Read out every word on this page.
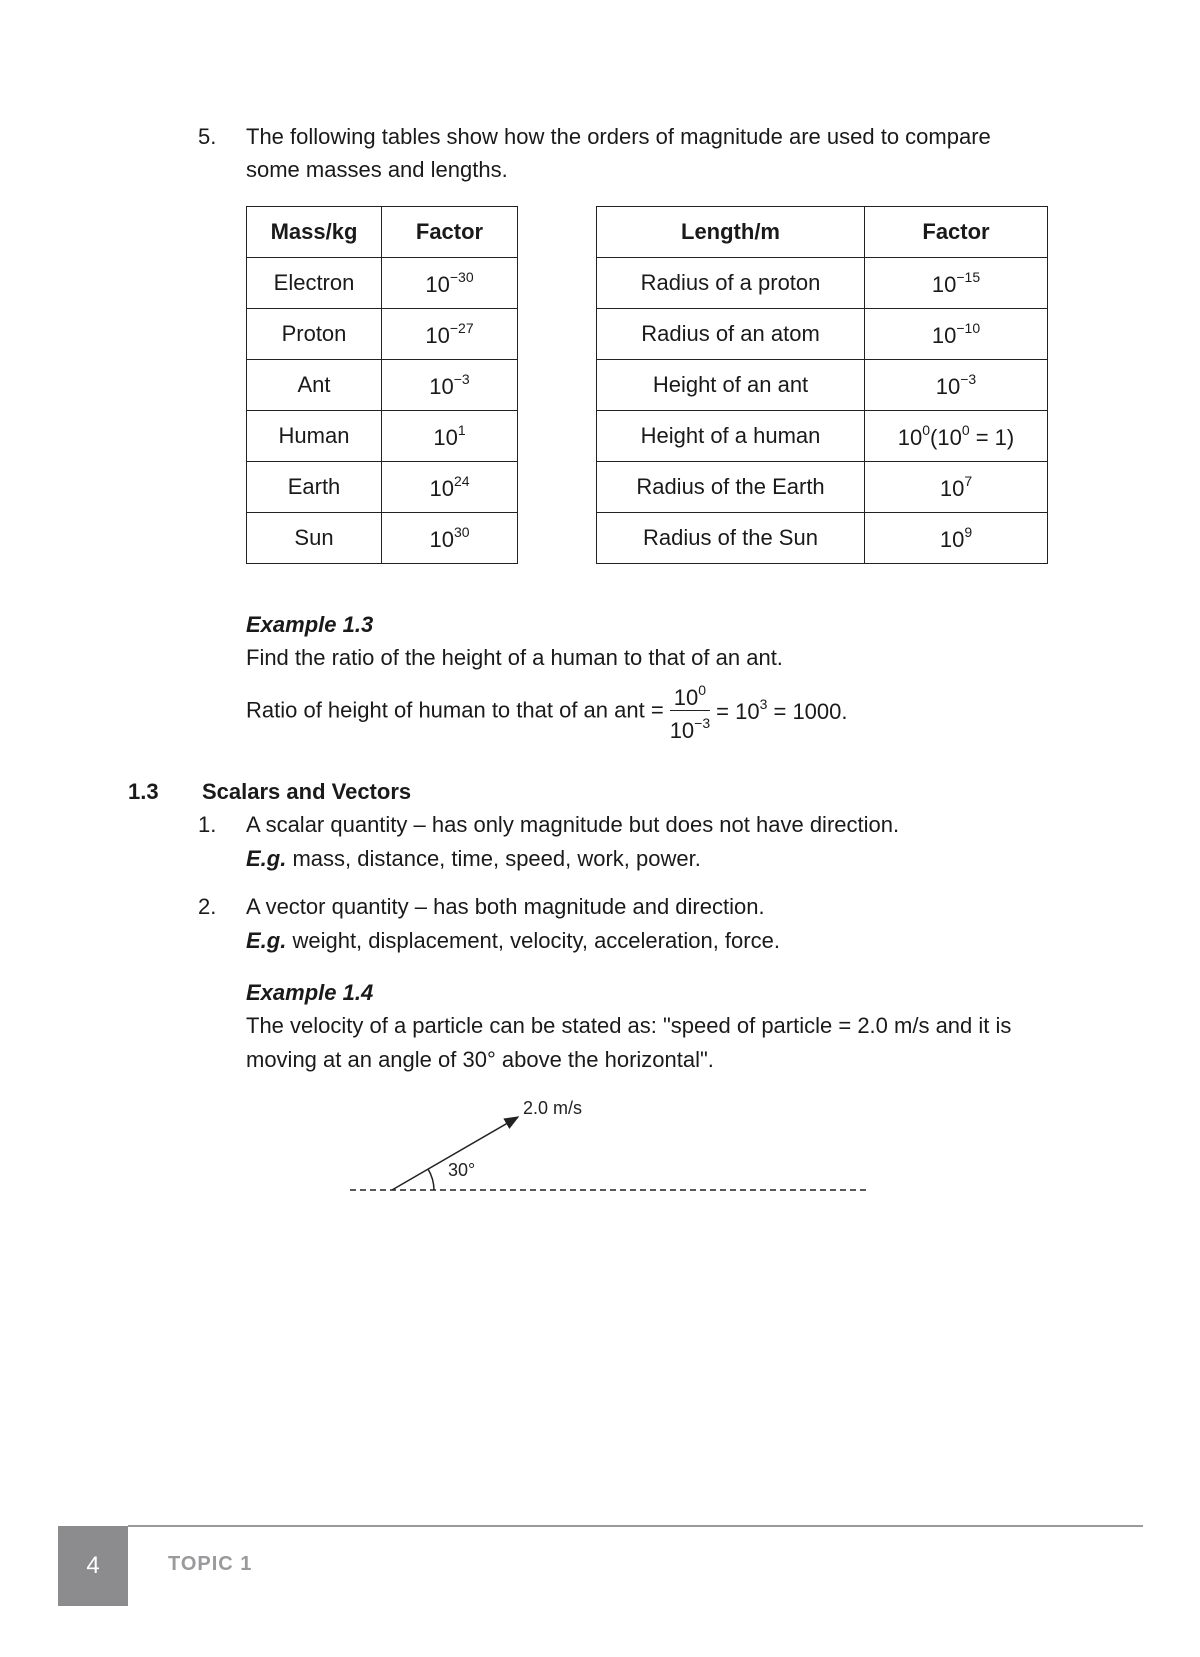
5. The following tables show how the orders of magnitude are used to compare
some masses and lengths.
Mass/kg	Factor
Electron	$10^{-30}$
Proton	$10^{-27}$
Ant	$10^{-3}$
Human	$10^1$
Earth	$10^{24}$
Sun	$10^{30}$
Length/m	Factor
Radius of a proton	$10^{-15}$
Radius of an atom	$10^{-10}$
Height of an ant	$10^{-3}$
Height of a human	$10^0(10^0 = 1)$
Radius of the Earth	$10^7$
Radius of the Sun	$10^9$
Example 1.3
Find the ratio of the height of a human to that of an ant.
Ratio of height of human to that of an ant = $\frac{10^0}{10^{-3}} = 10^3 = 1000$.
1.3 Scalars and Vectors
1. A scalar quantity – has only magnitude but does not have direction.
E.g. mass, distance, time, speed, work, power.
2. A vector quantity – has both magnitude and direction.
E.g. weight, displacement, velocity, acceleration, force.
Example 1.4
The velocity of a particle can be stated as: "speed of particle = 2.0 m/s and it is
moving at an angle of 30° above the horizontal".
2.0 m/s
30°
4	TOPIC 1
